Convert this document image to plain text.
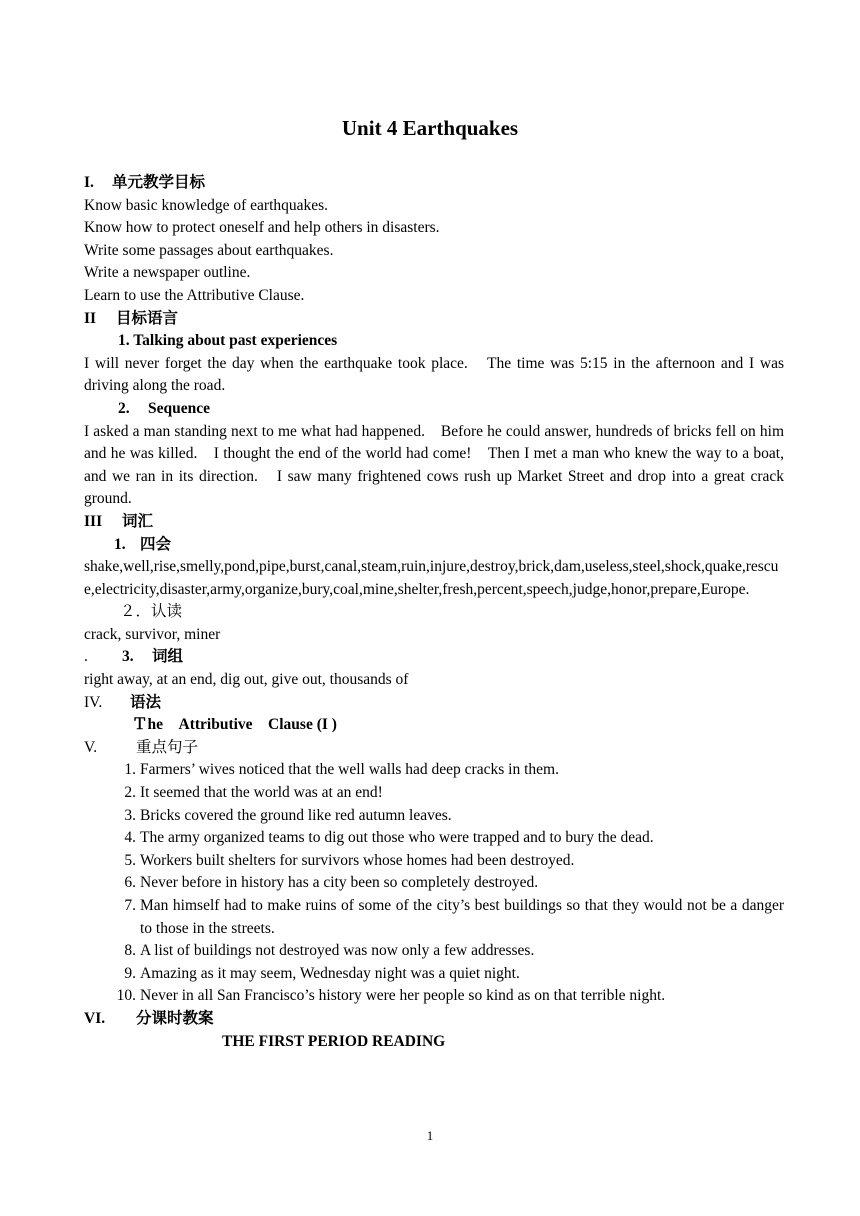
Unit 4 Earthquakes

I. 单元教学目标

Know basic knowledge of earthquakes.

Know how to protect oneself and help others in disasters.

Write some passages about earthquakes.

Write a newspaper outline.

Learn to use the Attributive Clause.

II 目标语言

1. Talking about past experiences

I will never forget the day when the earthquake took place.　The time was 5:15 in the afternoon and I was driving along the road.

2. Sequence

I asked a man standing next to me what had happened.　Before he could answer, hundreds of bricks fell on him and he was killed.　I thought the end of the world had come!　Then I met a man who knew the way to a boat, and we ran in its direction.　I saw many frightened cows rush up Market Street and drop into a great crack ground.

III 词汇

1. 四会

shake,well,rise,smelly,pond,pipe,burst,canal,steam,ruin,injure,destroy,brick,dam,useless,steel,shock,quake,rescue,electricity,disaster,army,organize,bury,coal,mine,shelter,fresh,percent,speech,judge,honor,prepare,Europe.

２．认读

crack, survivor, miner

. 3. 词组

right away, at an end, dig out, give out, thousands of

IV. 语法

Ｔhe　Attributive　Clause (I )

V.	重点句子

1. Farmers’ wives noticed that the well walls had deep cracks in them.
2. It seemed that the world was at an end!
3. Bricks covered the ground like red autumn leaves.
4. The army organized teams to dig out those who were trapped and to bury the dead.
5. Workers built shelters for survivors whose homes had been destroyed.
6. Never before in history has a city been so completely destroyed.
7. Man himself had to make ruins of some of the city’s best buildings so that they would not be a danger to those in the streets.
8. A list of buildings not destroyed was now only a few addresses.
9. Amazing as it may seem, Wednesday night was a quiet night.
10. Never in all San Francisco’s history were her people so kind as on that terrible night.

VI. 分课时教案

THE FIRST PERIOD READING

1
